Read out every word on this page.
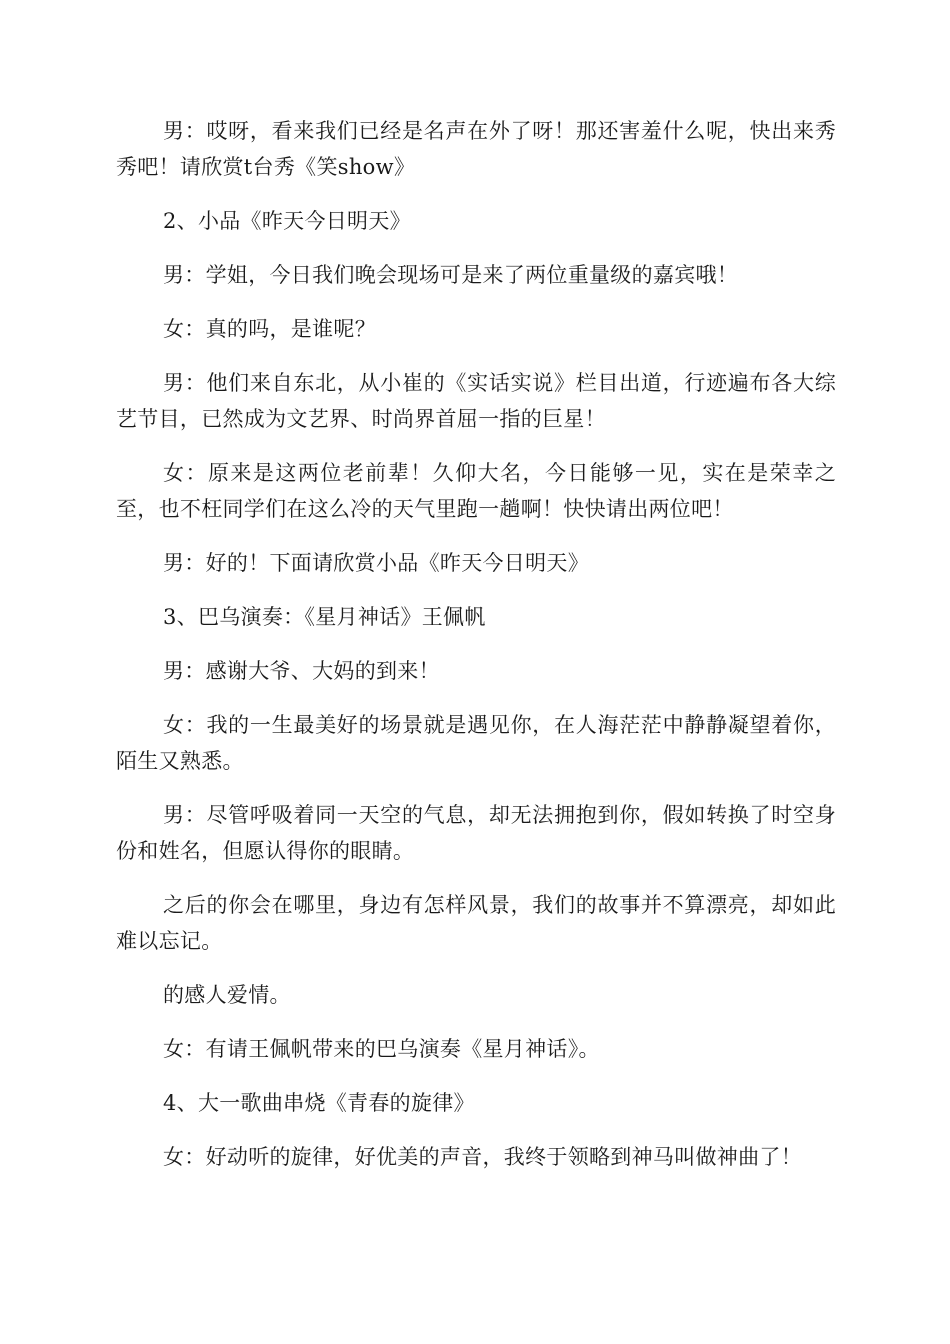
男：哎呀，看来我们已经是名声在外了呀！那还害羞什么呢，快出来秀秀吧！请欣赏t台秀《笑show》

2、小品《昨天今日明天》

男：学姐，今日我们晚会现场可是来了两位重量级的嘉宾哦！

女：真的吗，是谁呢？

男：他们来自东北，从小崔的《实话实说》栏目出道，行迹遍布各大综艺节目，已然成为文艺界、时尚界首屈一指的巨星！

女：原来是这两位老前辈！久仰大名，今日能够一见，实在是荣幸之至，也不枉同学们在这么冷的天气里跑一趟啊！快快请出两位吧！

男：好的！下面请欣赏小品《昨天今日明天》

3、巴乌演奏：《星月神话》王佩帆

男：感谢大爷、大妈的到来！

女：我的一生最美好的场景就是遇见你，在人海茫茫中静静凝望着你，陌生又熟悉。

男：尽管呼吸着同一天空的气息，却无法拥抱到你，假如转换了时空身份和姓名，但愿认得你的眼睛。

之后的你会在哪里，身边有怎样风景，我们的故事并不算漂亮，却如此难以忘记。

的感人爱情。

女：有请王佩帆带来的巴乌演奏《星月神话》。

4、大一歌曲串烧《青春的旋律》

女：好动听的旋律，好优美的声音，我终于领略到神马叫做神曲了！
